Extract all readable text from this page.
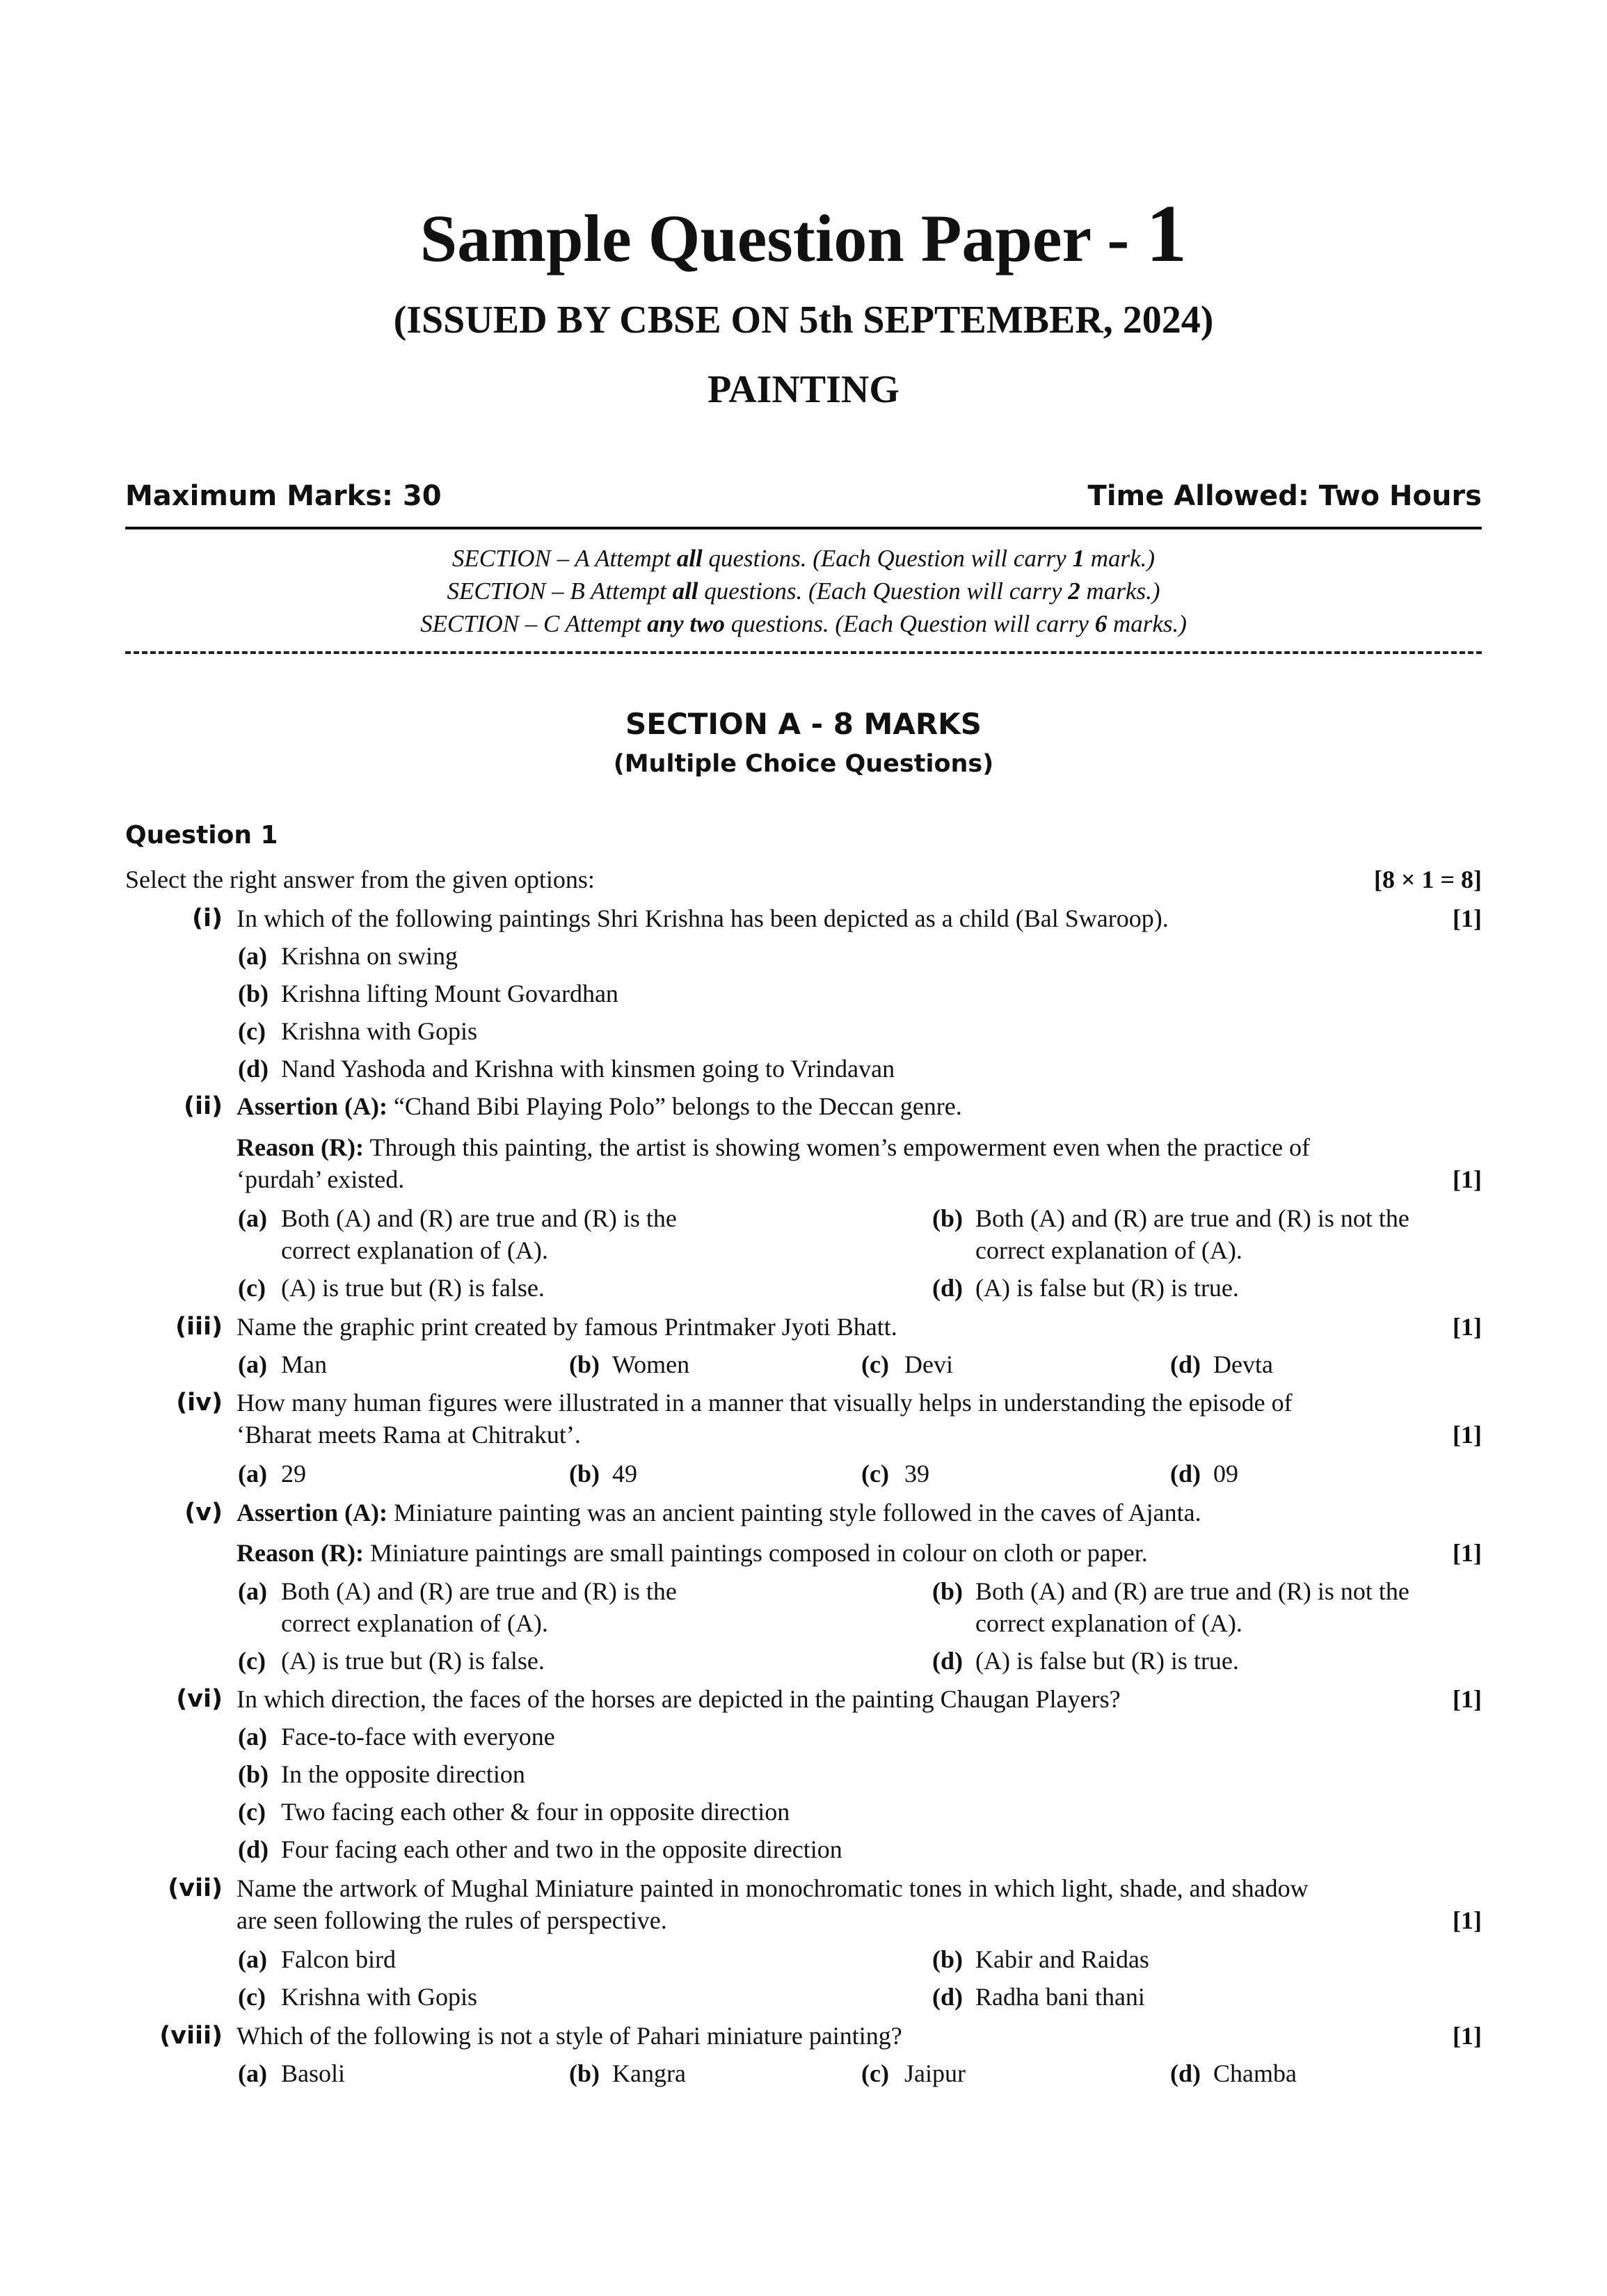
Sample Question Paper - 1
(ISSUED BY CBSE ON 5th SEPTEMBER, 2024)
PAINTING
Maximum Marks: 30	Time Allowed: Two Hours
SECTION – A Attempt all questions. (Each Question will carry 1 mark.)
SECTION – B Attempt all questions. (Each Question will carry 2 marks.)
SECTION – C Attempt any two questions. (Each Question will carry 6 marks.)
SECTION A - 8 MARKS
(Multiple Choice Questions)
Question 1
Select the right answer from the given options:	[8 × 1 = 8]
(i) In which of the following paintings Shri Krishna has been depicted as a child (Bal Swaroop).	[1]
(a) Krishna on swing
(b) Krishna lifting Mount Govardhan
(c) Krishna with Gopis
(d) Nand Yashoda and Krishna with kinsmen going to Vrindavan
(ii) Assertion (A): “Chand Bibi Playing Polo” belongs to the Deccan genre.
Reason (R): Through this painting, the artist is showing women’s empowerment even when the practice of
‘purdah’ existed.	[1]
(a) Both (A) and (R) are true and (R) is the
correct explanation of (A).
(b) Both (A) and (R) are true and (R) is not the
correct explanation of (A).
(c) (A) is true but (R) is false.	(d) (A) is false but (R) is true.
(iii) Name the graphic print created by famous Printmaker Jyoti Bhatt.	[1]
(a) Man	(b) Women	(c) Devi	(d) Devta
(iv) How many human figures were illustrated in a manner that visually helps in understanding the episode of
‘Bharat meets Rama at Chitrakut’.	[1]
(a) 29	(b) 49	(c) 39	(d) 09
(v) Assertion (A): Miniature painting was an ancient painting style followed in the caves of Ajanta.
Reason (R): Miniature paintings are small paintings composed in colour on cloth or paper.	[1]
(a) Both (A) and (R) are true and (R) is the
correct explanation of (A).
(b) Both (A) and (R) are true and (R) is not the
correct explanation of (A).
(c) (A) is true but (R) is false.	(d) (A) is false but (R) is true.
(vi) In which direction, the faces of the horses are depicted in the painting Chaugan Players?	[1]
(a) Face-to-face with everyone
(b) In the opposite direction
(c) Two facing each other & four in opposite direction
(d) Four facing each other and two in the opposite direction
(vii) Name the artwork of Mughal Miniature painted in monochromatic tones in which light, shade, and shadow
are seen following the rules of perspective.	[1]
(a) Falcon bird	(b) Kabir and Raidas
(c) Krishna with Gopis	(d) Radha bani thani
(viii) Which of the following is not a style of Pahari miniature painting?	[1]
(a) Basoli	(b) Kangra	(c) Jaipur	(d) Chamba
